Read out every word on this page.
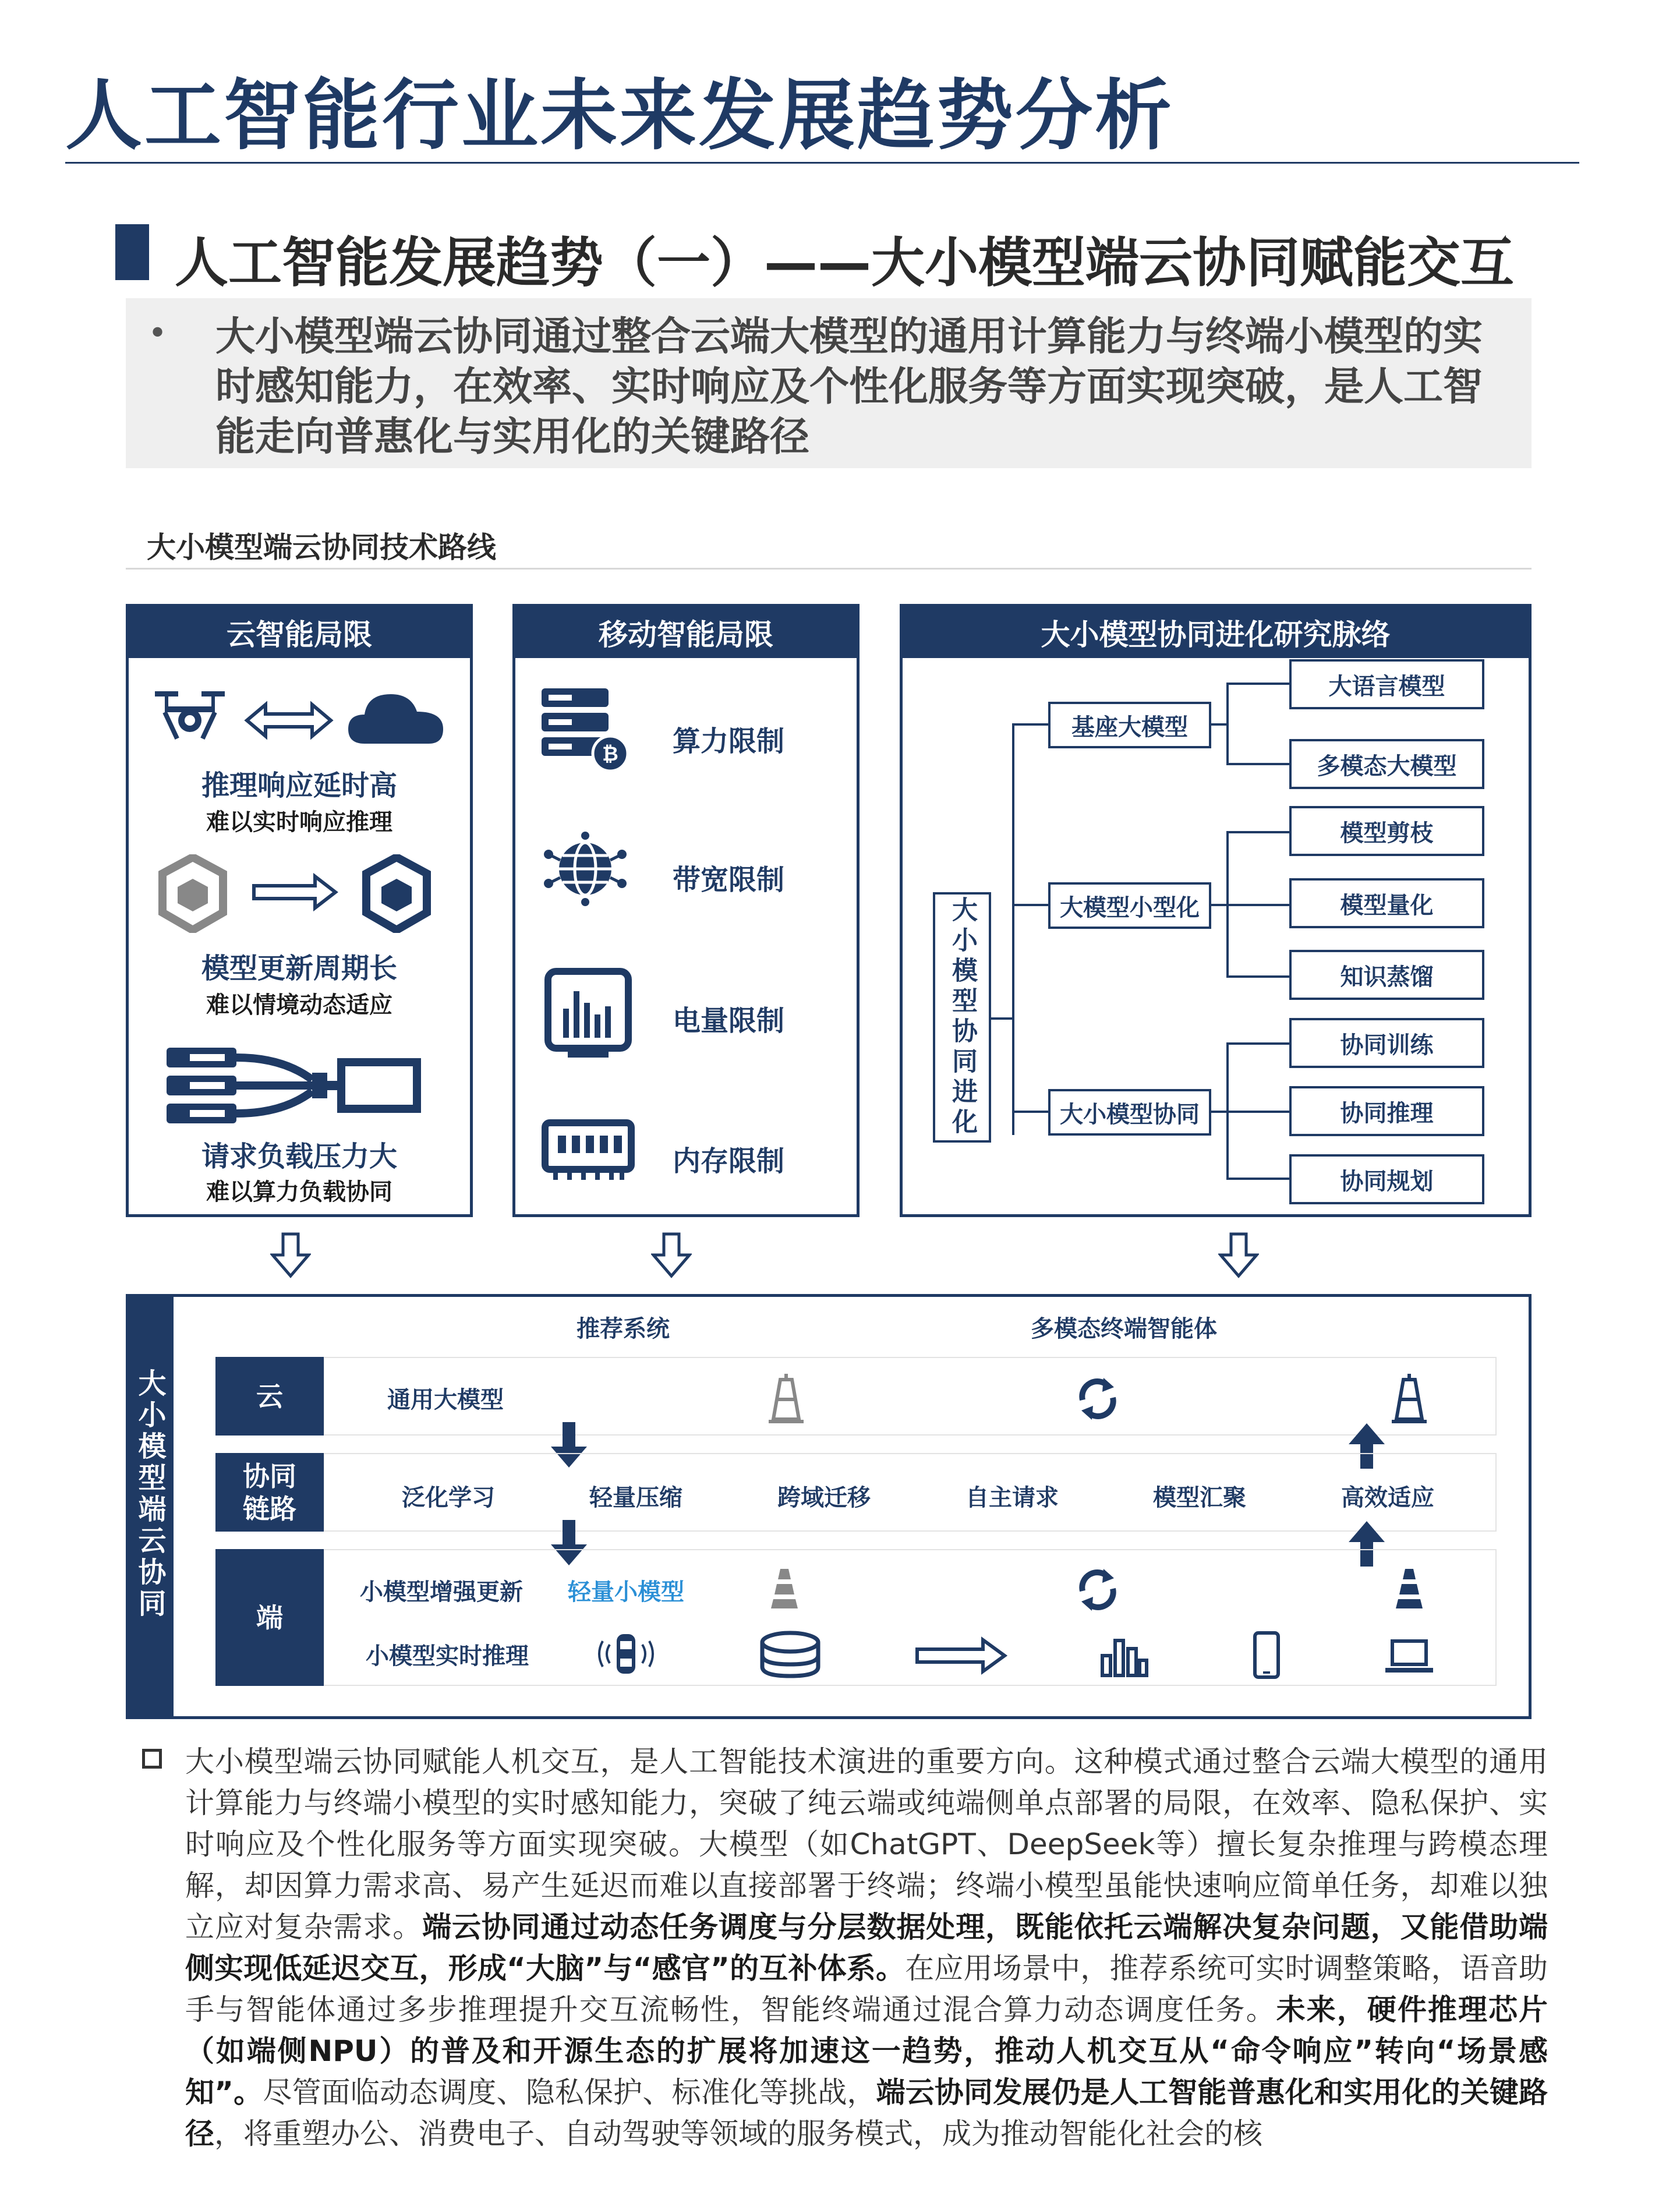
人工智能行业未来发展趋势分析
人工智能发展趋势（一）——大小模型端云协同赋能交互
• 大小模型端云协同通过整合云端大模型的通用计算能力与终端小模型的实时感知能力，在效率、实时响应及个性化服务等方面实现突破，是人工智能走向普惠化与实用化的关键路径
大小模型端云协同技术路线
云智能局限
推理响应延时高
难以实时响应推理
模型更新周期长
难以情境动态适应
请求负载压力大
难以算力负载协同
移动智能局限
₿ 算力限制
带宽限制
电量限制
内存限制
大小模型协同进化研究脉络
大小模型协同进化
基座大模型
大语言模型
多模态大模型
大模型小型化
模型剪枝
模型量化
知识蒸馏
大小模型协同
协同训练
协同推理
协同规划
大小模型端云协同
推荐系统	多模态终端智能体
云	通用大模型
协同链路	泛化学习	轻量压缩	跨域迁移	自主请求	模型汇聚	高效适应
端
小模型增强更新 轻量小模型
小模型实时推理
大小模型端云协同赋能人机交互，是人工智能技术演进的重要方向。这种模式通过整合云端大模型的通用计算能力与终端小模型的实时感知能力，突破了纯云端或纯端侧单点部署的局限，在效率、隐私保护、实时响应及个性化服务等方面实现突破。大模型（如ChatGPT、DeepSeek等）擅长复杂推理与跨模态理解，却因算力需求高、易产生延迟而难以直接部署于终端；终端小模型虽能快速响应简单任务，却难以独立应对复杂需求。端云协同通过动态任务调度与分层数据处理，既能依托云端解决复杂问题，又能借助端侧实现低延迟交互，形成“大脑”与“感官”的互补体系。在应用场景中，推荐系统可实时调整策略，语音助手与智能体通过多步推理提升交互流畅性，智能终端通过混合算力动态调度任务。未来，硬件推理芯片（如端侧NPU）的普及和开源生态的扩展将加速这一趋势，推动人机交互从“命令响应”转向“场景感知”。尽管面临动态调度、隐私保护、标准化等挑战，端云协同发展仍是人工智能普惠化和实用化的关键路径，将重塑办公、消费电子、自动驾驶等领域的服务模式，成为推动智能化社会的核
